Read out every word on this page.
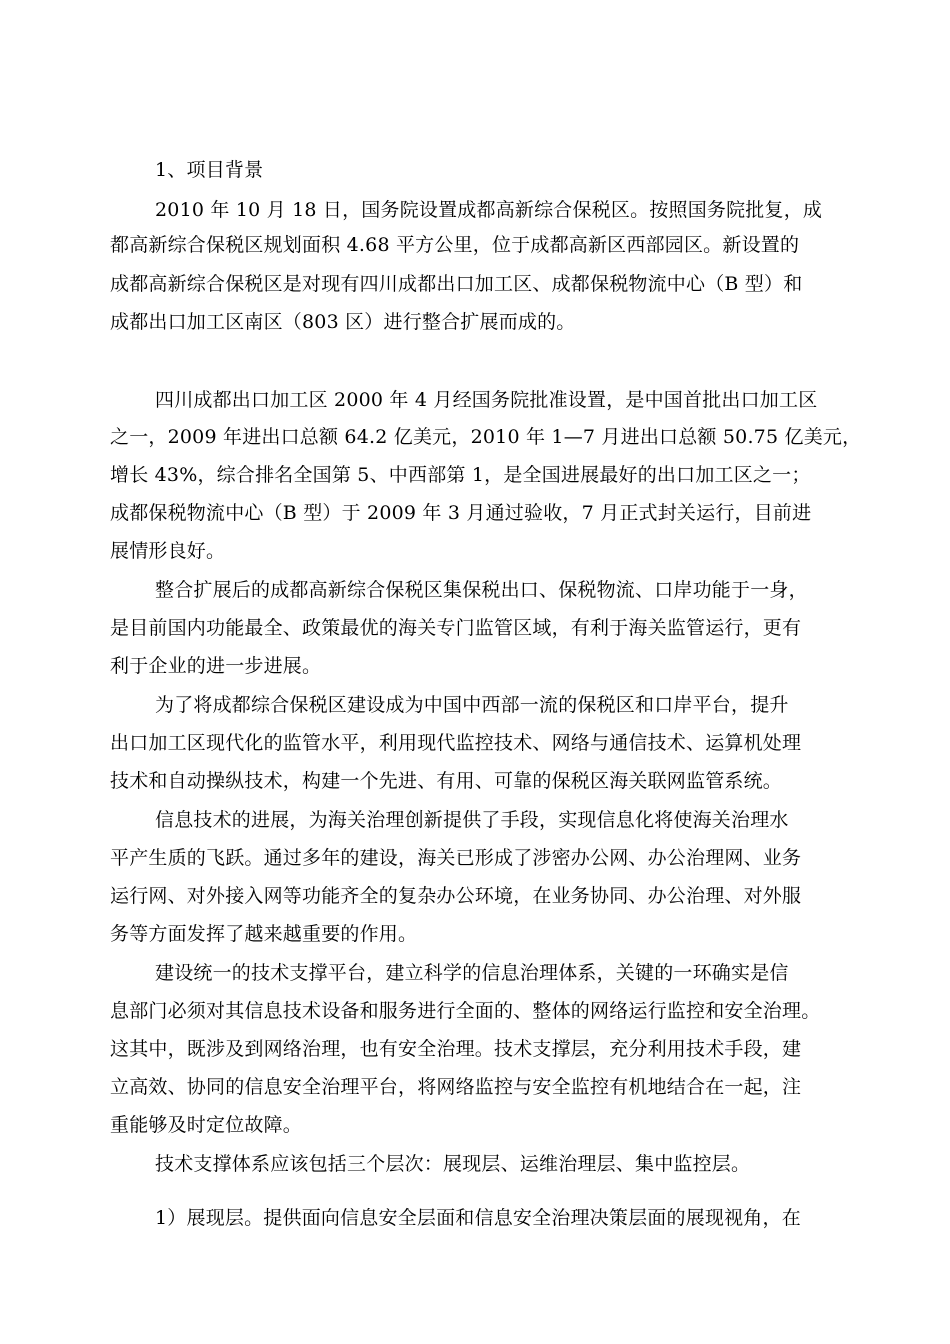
1、项目背景
2010 年 10 月 18 日，国务院设置成都高新综合保税区。按照国务院批复，成
都高新综合保税区规划面积 4.68 平方公里，位于成都高新区西部园区。新设置的
成都高新综合保税区是对现有四川成都出口加工区、成都保税物流中心（B 型）和
成都出口加工区南区（803 区）进行整合扩展而成的。
四川成都出口加工区 2000 年 4 月经国务院批准设置，是中国首批出口加工区
之一，2009 年进出口总额 64.2 亿美元，2010 年 1—7 月进出口总额 50.75 亿美元，
增长 43%，综合排名全国第 5、中西部第 1，是全国进展最好的出口加工区之一；
成都保税物流中心（B 型）于 2009 年 3 月通过验收，7 月正式封关运行，目前进
展情形良好。
整合扩展后的成都高新综合保税区集保税出口、保税物流、口岸功能于一身，
是目前国内功能最全、政策最优的海关专门监管区域，有利于海关监管运行，更有
利于企业的进一步进展。
为了将成都综合保税区建设成为中国中西部一流的保税区和口岸平台，提升
出口加工区现代化的监管水平，利用现代监控技术、网络与通信技术、运算机处理
技术和自动操纵技术，构建一个先进、有用、可靠的保税区海关联网监管系统。
信息技术的进展，为海关治理创新提供了手段，实现信息化将使海关治理水
平产生质的飞跃。通过多年的建设，海关已形成了涉密办公网、办公治理网、业务
运行网、对外接入网等功能齐全的复杂办公环境，在业务协同、办公治理、对外服
务等方面发挥了越来越重要的作用。
建设统一的技术支撑平台，建立科学的信息治理体系，关键的一环确实是信
息部门必须对其信息技术设备和服务进行全面的、整体的网络运行监控和安全治理。
这其中，既涉及到网络治理，也有安全治理。技术支撑层，充分利用技术手段，建
立高效、协同的信息安全治理平台，将网络监控与安全监控有机地结合在一起，注
重能够及时定位故障。
技术支撑体系应该包括三个层次：展现层、运维治理层、集中监控层。
1）展现层。提供面向信息安全层面和信息安全治理决策层面的展现视角，在
